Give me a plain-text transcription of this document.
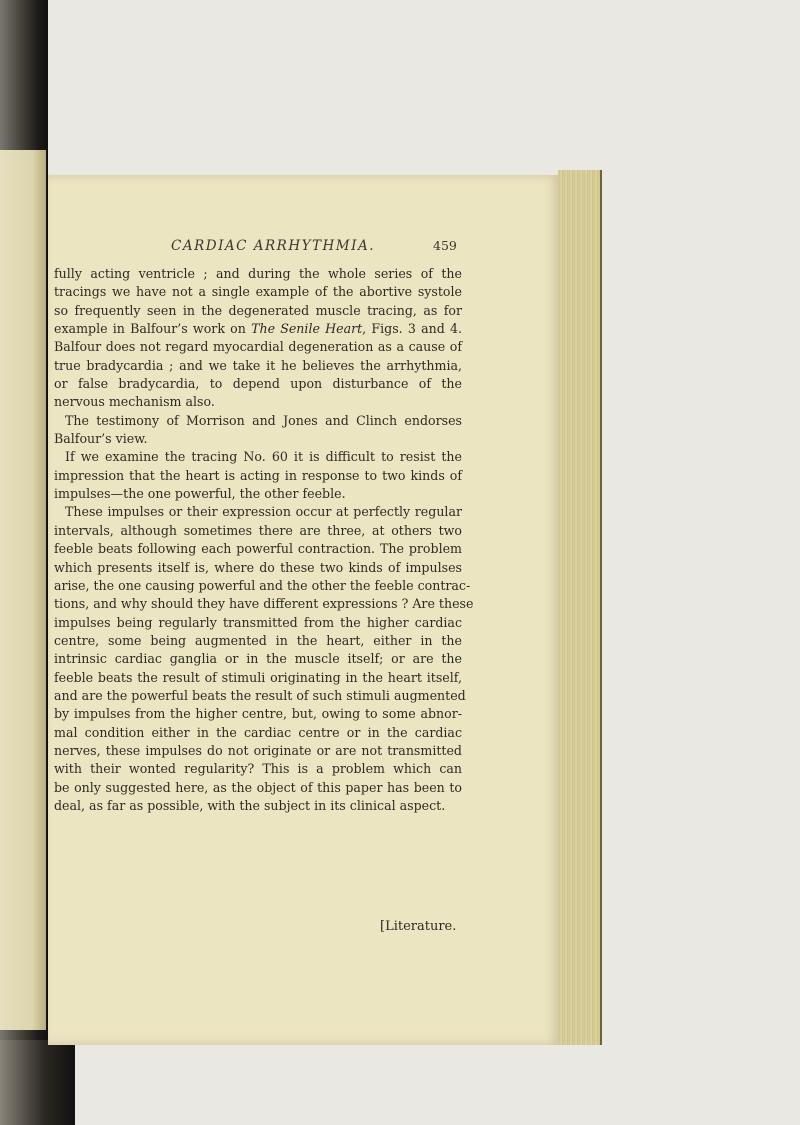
CARDIAC ARRHYTHMIA.	459

fully acting ventricle ; and during the whole series of the
tracings we have not a single example of the abortive systole
so frequently seen in the degenerated muscle tracing, as for
example in Balfour’s work on The Senile Heart, Figs. 3 and 4.
Balfour does not regard myocardial degeneration as a cause of
true bradycardia ; and we take it he believes the arrhythmia,
or false bradycardia, to depend upon disturbance of the
nervous mechanism also.

The testimony of Morrison and Jones and Clinch endorses
Balfour’s view.

If we examine the tracing No. 60 it is difficult to resist the
impression that the heart is acting in response to two kinds of
impulses—the one powerful, the other feeble.

These impulses or their expression occur at perfectly regular
intervals, although sometimes there are three, at others two
feeble beats following each powerful contraction. The problem
which presents itself is, where do these two kinds of impulses
arise, the one causing powerful and the other the feeble contrac-
tions, and why should they have different expressions ? Are these
impulses being regularly transmitted from the higher cardiac
centre, some being augmented in the heart, either in the
intrinsic cardiac ganglia or in the muscle itself; or are the
feeble beats the result of stimuli originating in the heart itself,
and are the powerful beats the result of such stimuli augmented
by impulses from the higher centre, but, owing to some abnor-
mal condition either in the cardiac centre or in the cardiac
nerves, these impulses do not originate or are not transmitted
with their wonted regularity? This is a problem which can
be only suggested here, as the object of this paper has been to
deal, as far as possible, with the subject in its clinical aspect.

[Literature.
